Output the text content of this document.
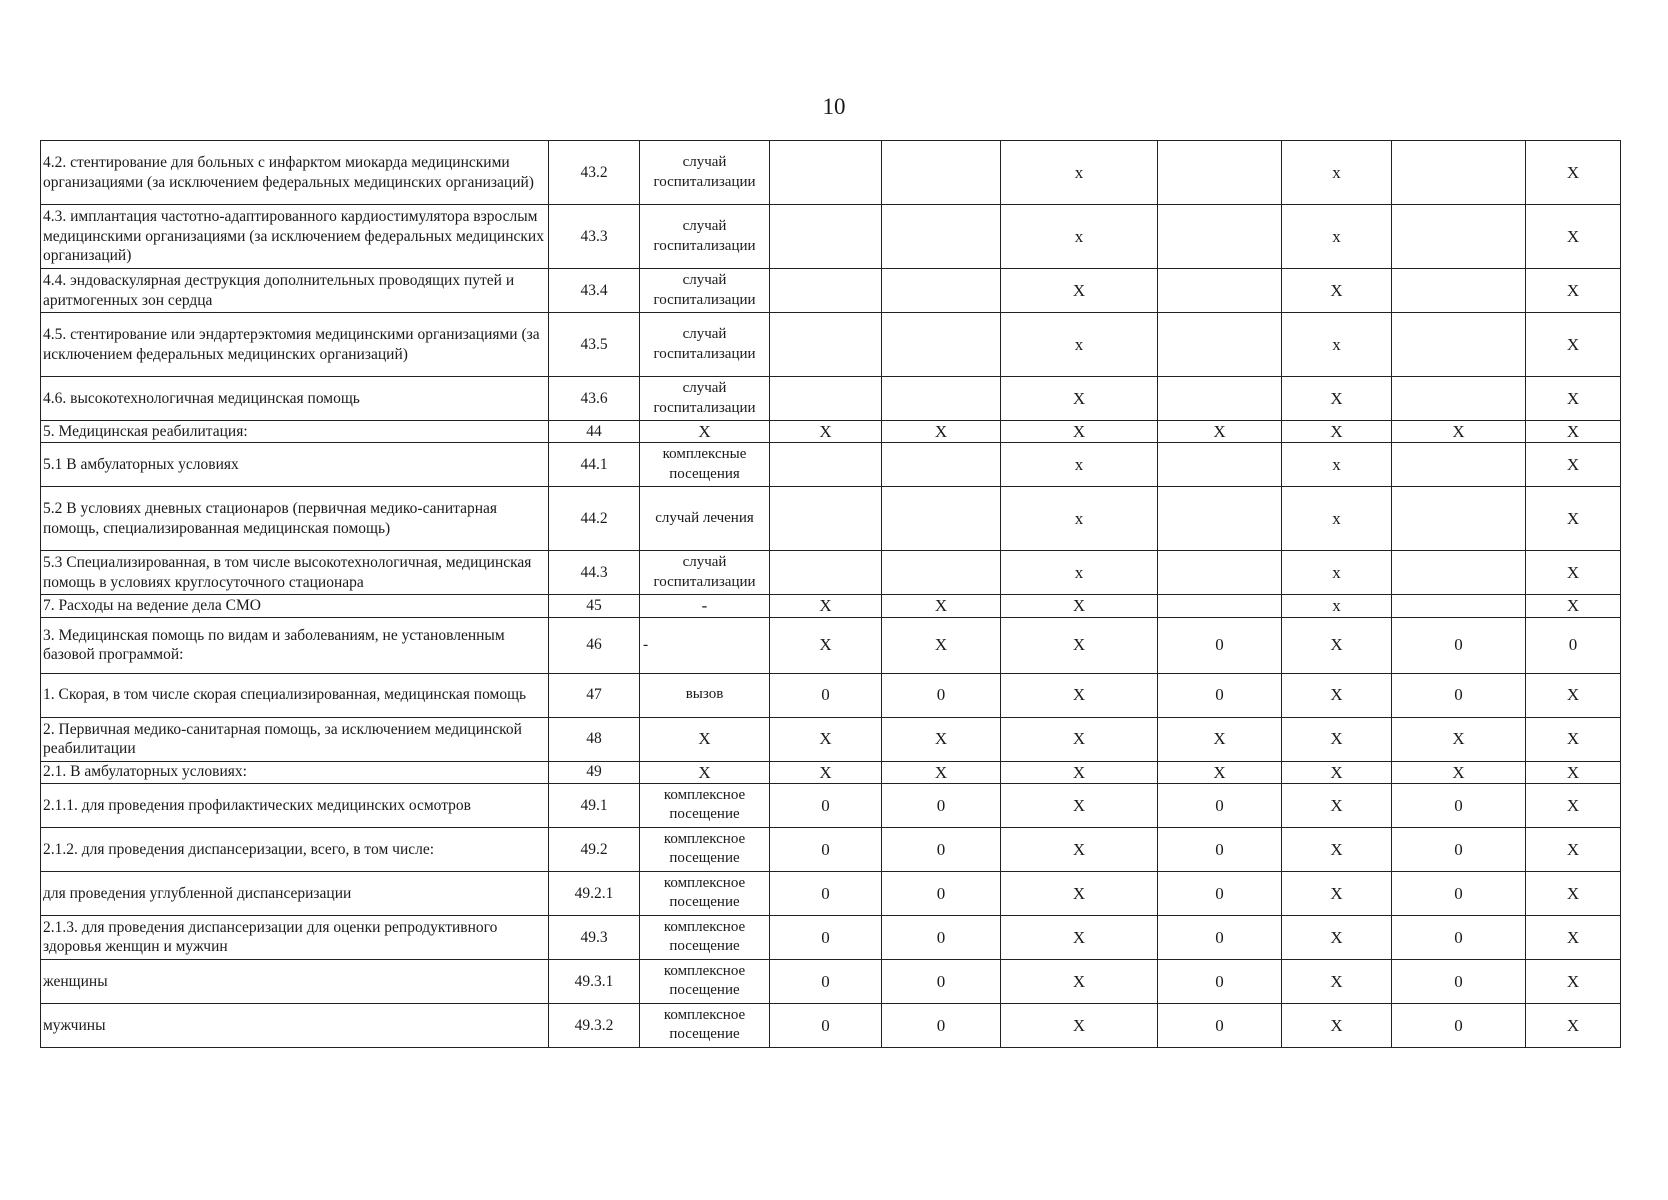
10
4.2. стентирование для больных с инфарктом миокарда медицинскими организациями (за исключением федеральных медицинских организаций)	43.2	случай госпитализации			x		x		X
4.3. имплантация частотно-адаптированного кардиостимулятора взрослым медицинскими организациями (за исключением федеральных медицинских организаций)	43.3	случай госпитализации			x		x		X
4.4. эндоваскулярная деструкция дополнительных проводящих путей и аритмогенных зон сердца	43.4	случай госпитализации			X		X		X
4.5. стентирование или эндартерэктомия медицинскими организациями (за исключением федеральных медицинских организаций)	43.5	случай госпитализации			x		x		X
4.6. высокотехнологичная медицинская помощь	43.6	случай госпитализации			X		X		X
5. Медицинская реабилитация:	44	X	X	X	X	X	X	X	X
5.1 В амбулаторных условиях	44.1	комплексные посещения			x		x		X
5.2 В условиях дневных стационаров (первичная медико-санитарная помощь, специализированная медицинская помощь)	44.2	случай лечения			x		x		X
5.3 Специализированная, в том числе высокотехнологичная, медицинская помощь в условиях круглосуточного стационара	44.3	случай госпитализации			x		x		X
7. Расходы на ведение дела СМО	45	-	X	X	X		x		X
3. Медицинская помощь по видам и заболеваниям, не установленным базовой программой:	46	-	X	X	X	0	X	0	0
1. Скорая, в том числе скорая специализированная, медицинская помощь	47	вызов	0	0	X	0	X	0	X
2. Первичная медико-санитарная помощь, за исключением медицинской реабилитации	48	X	X	X	X	X	X	X	X
2.1. В амбулаторных условиях:	49	X	X	X	X	X	X	X	X
2.1.1. для проведения профилактических медицинских осмотров	49.1	комплексное посещение	0	0	X	0	X	0	X
2.1.2. для проведения диспансеризации, всего, в том числе:	49.2	комплексное посещение	0	0	X	0	X	0	X
для проведения углубленной диспансеризации	49.2.1	комплексное посещение	0	0	X	0	X	0	X
2.1.3. для проведения диспансеризации для оценки репродуктивного здоровья женщин и мужчин	49.3	комплексное посещение	0	0	X	0	X	0	X
женщины	49.3.1	комплексное посещение	0	0	X	0	X	0	X
мужчины	49.3.2	комплексное посещение	0	0	X	0	X	0	X
